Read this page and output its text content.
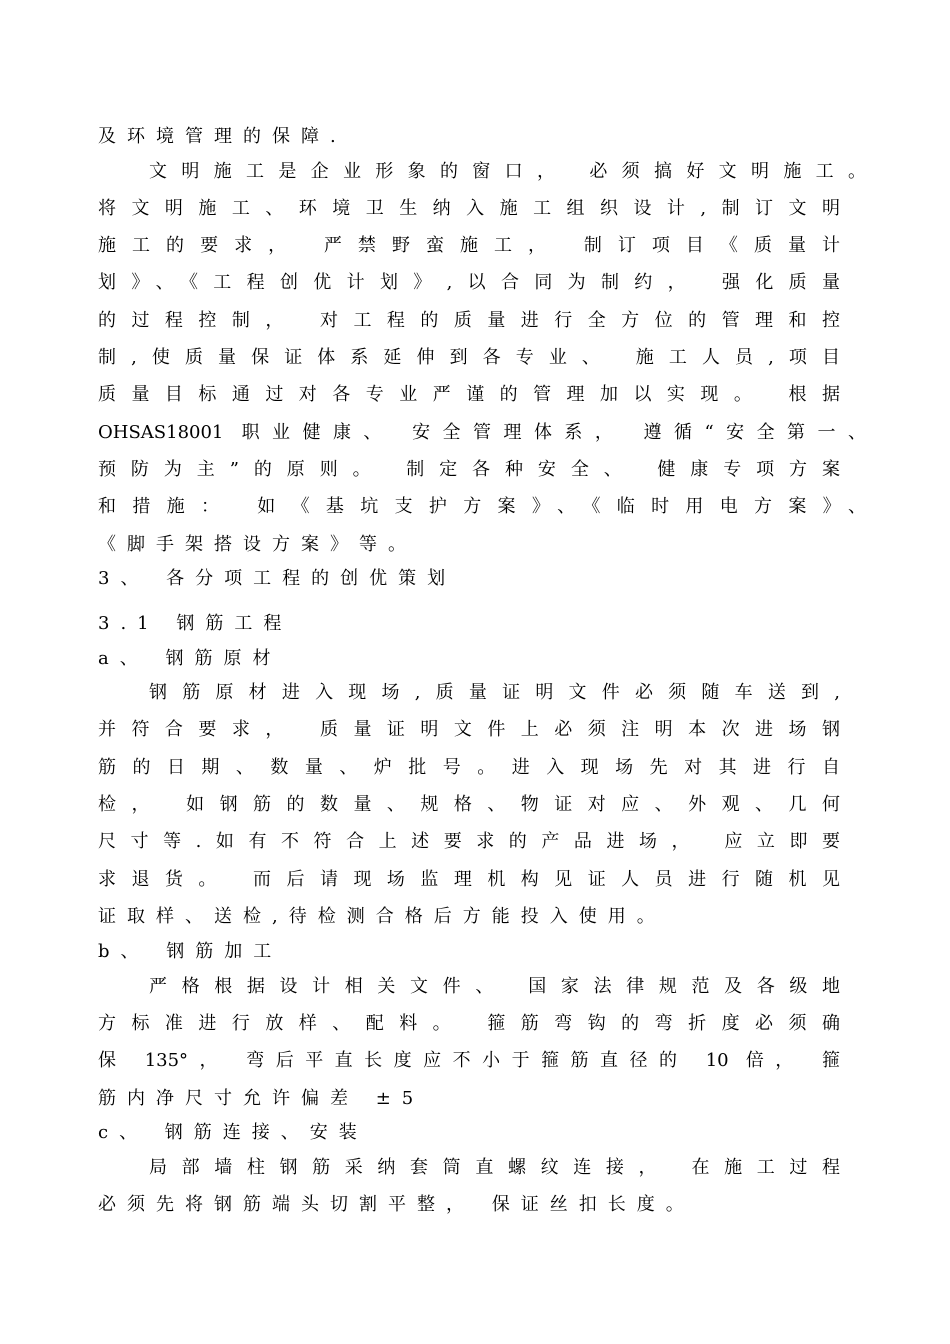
及环境管理的保障.
文明施工是企业形象的窗口， 必须搞好文明施工。
将文明施工、环境卫生纳入施工组织设计,制订文明
施工的要求， 严禁野蛮施工， 制订项目《质量计
划》、《工程创优计划》,以合同为制约， 强化质量
的过程控制， 对工程的质量进行全方位的管理和控
制,使质量保证体系延伸到各专业、 施工人员,项目
质量目标通过对各专业严谨的管理加以实现。 根据
OHSAS18001 职业健康、 安全管理体系， 遵循“安全第一、
预防为主”的原则。 制定各种安全、 健康专项方案
和措施： 如《基坑支护方案》、《临时用电方案》、
《脚手架搭设方案》等。
3、 各分项工程的创优策划
3.1 钢筋工程
a、 钢筋原材
钢筋原材进入现场,质量证明文件必须随车送到,
并符合要求， 质量证明文件上必须注明本次进场钢
筋的日期、数量、炉批号。进入现场先对其进行自
检， 如钢筋的数量、规格、物证对应、外观、几何
尺寸等.如有不符合上述要求的产品进场， 应立即要
求退货。 而后请现场监理机构见证人员进行随机见
证取样、送检,待检测合格后方能投入使用。
b、 钢筋加工
严格根据设计相关文件、 国家法律规范及各级地
方标准进行放样、配料。 箍筋弯钩的弯折度必须确
保 135°， 弯后平直长度应不小于箍筋直径的 10 倍， 箍
筋内净尺寸允许偏差 ±5
c、 钢筋连接、安装
局部墙柱钢筋采纳套筒直螺纹连接， 在施工过程
必须先将钢筋端头切割平整， 保证丝扣长度。
